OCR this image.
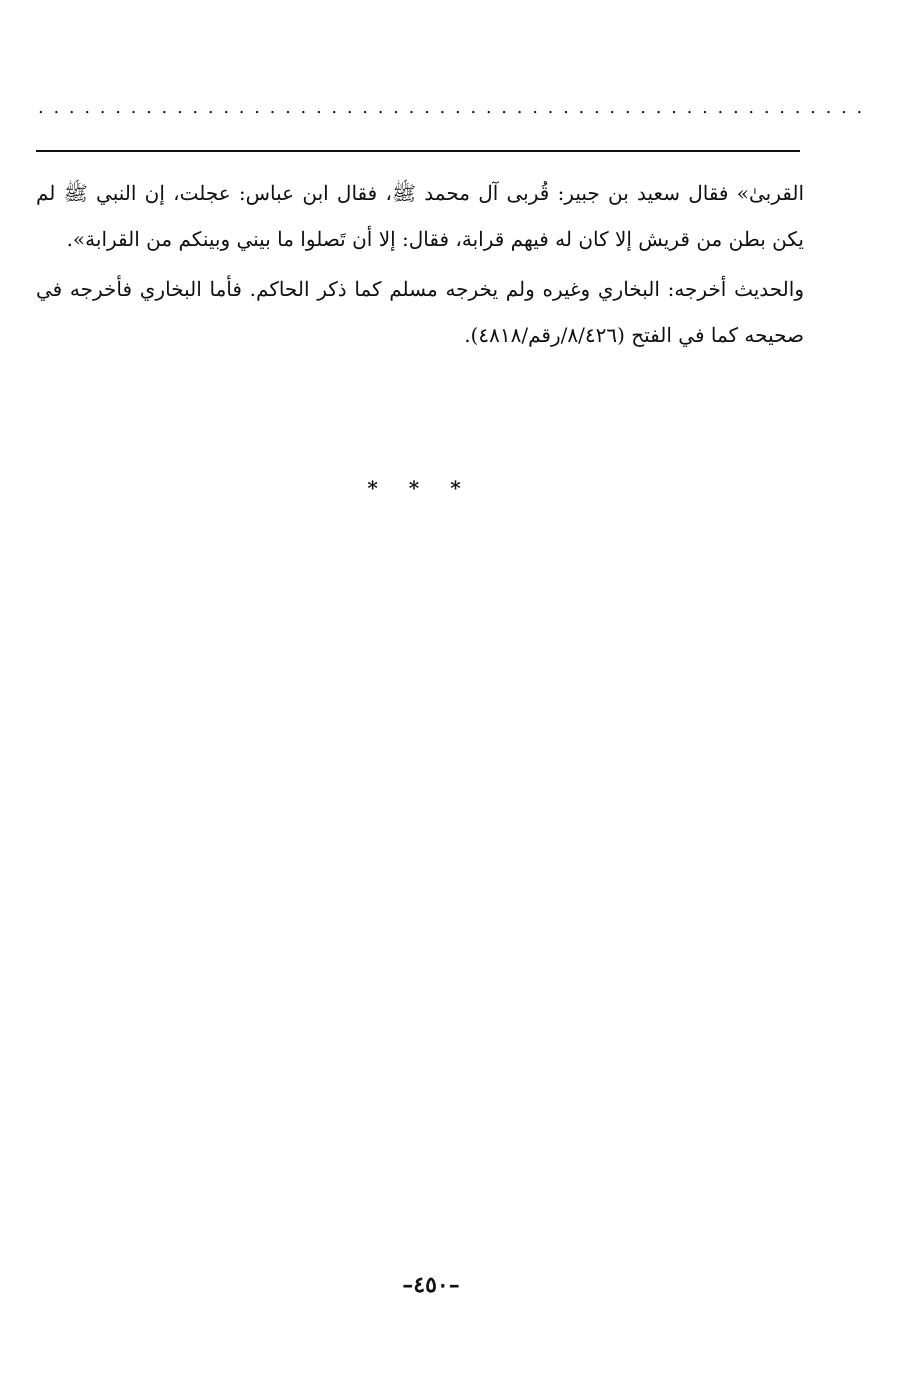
. . . . . . . . . . . . . . . . . . . . . . . . . . . . . . . . . . . . . . . . . . . . . . . . . . . . . .

القربىٰ» فقال سعيد بن جبير: قُربى آل محمد ﷺ، فقال ابن عباس: عجلت، إن النبي ﷺ لم يكن بطن من قريش إلا كان له فيهم قرابة، فقال: إلا أن تَصلوا ما بيني وبينكم من القرابة».

والحديث أخرجه: البخاري وغيره ولم يخرجه مسلم كما ذكر الحاكم. فأما البخاري فأخرجه في صحيحه كما في الفتح (٨/٤٢٦/رقم/٤٨١٨).

* * *
–٤٥٠–
